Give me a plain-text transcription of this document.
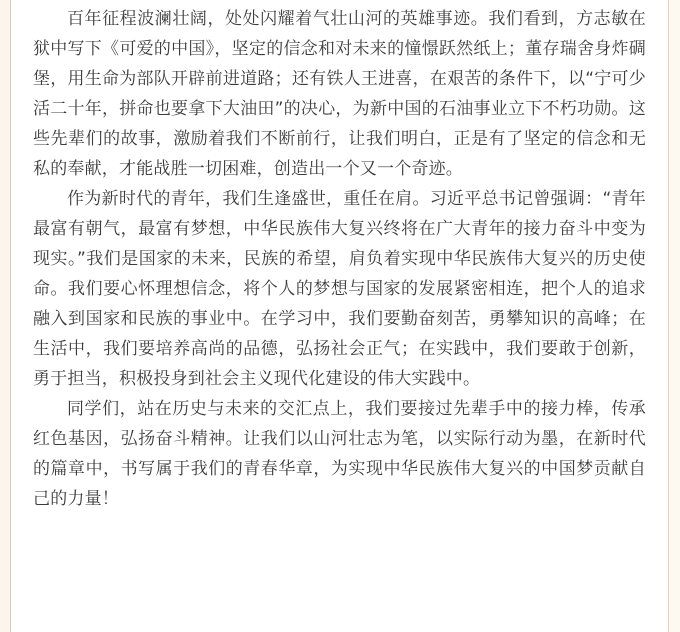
百年征程波澜壮阔，处处闪耀着气壮山河的英雄事迹。我们看到，方志敏在狱中写下《可爱的中国》，坚定的信念和对未来的憧憬跃然纸上；董存瑞舍身炸碉堡，用生命为部队开辟前进道路；还有铁人王进喜，在艰苦的条件下，以“宁可少活二十年，拼命也要拿下大油田”的决心，为新中国的石油事业立下不朽功勋。这些先辈们的故事，激励着我们不断前行，让我们明白，正是有了坚定的信念和无私的奉献，才能战胜一切困难，创造出一个又一个奇迹。

作为新时代的青年，我们生逢盛世，重任在肩。习近平总书记曾强调：“青年最富有朝气，最富有梦想，中华民族伟大复兴终将在广大青年的接力奋斗中变为现实。”我们是国家的未来，民族的希望，肩负着实现中华民族伟大复兴的历史使命。我们要心怀理想信念，将个人的梦想与国家的发展紧密相连，把个人的追求融入到国家和民族的事业中。在学习中，我们要勤奋刻苦，勇攀知识的高峰；在生活中，我们要培养高尚的品德，弘扬社会正气；在实践中，我们要敢于创新，勇于担当，积极投身到社会主义现代化建设的伟大实践中。

同学们，站在历史与未来的交汇点上，我们要接过先辈手中的接力棒，传承红色基因，弘扬奋斗精神。让我们以山河壮志为笔，以实际行动为墨，在新时代的篇章中，书写属于我们的青春华章，为实现中华民族伟大复兴的中国梦贡献自己的力量！
